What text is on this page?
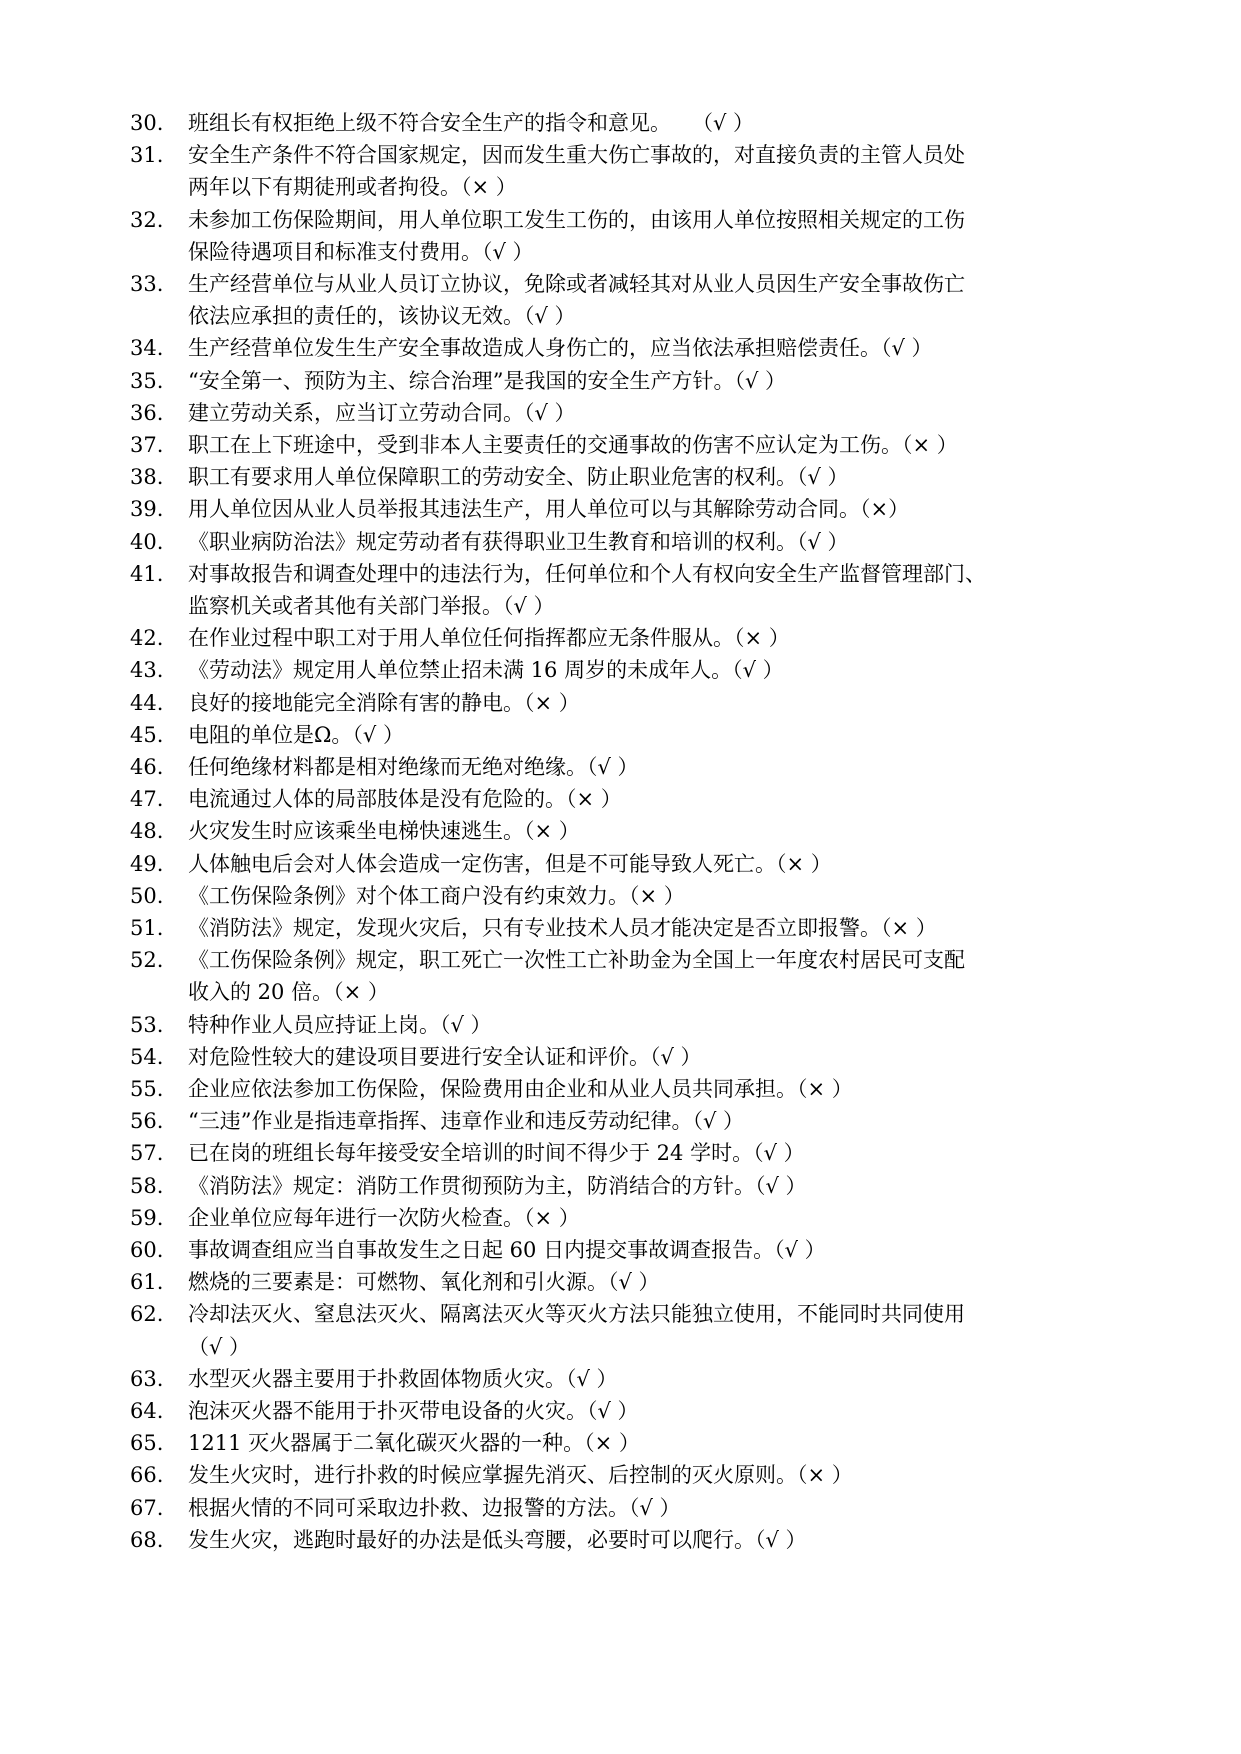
30.	班组长有权拒绝上级不符合安全生产的指令和意见。　　（√ ）
31.	安全生产条件不符合国家规定，因而发生重大伤亡事故的，对直接负责的主管人员处
两年以下有期徒刑或者拘役。（× ）
32.	未参加工伤保险期间，用人单位职工发生工伤的，由该用人单位按照相关规定的工伤
保险待遇项目和标准支付费用。（√ ）
33.	生产经营单位与从业人员订立协议，免除或者减轻其对从业人员因生产安全事故伤亡
依法应承担的责任的，该协议无效。（√ ）
34.	生产经营单位发生生产安全事故造成人身伤亡的，应当依法承担赔偿责任。（√ ）
35.	“安全第一、预防为主、综合治理”是我国的安全生产方针。（√ ）
36.	建立劳动关系，应当订立劳动合同。（√ ）
37.	职工在上下班途中，受到非本人主要责任的交通事故的伤害不应认定为工伤。（× ）
38.	职工有要求用人单位保障职工的劳动安全、防止职业危害的权利。（√ ）
39.	用人单位因从业人员举报其违法生产，用人单位可以与其解除劳动合同。（×）
40.	《职业病防治法》规定劳动者有获得职业卫生教育和培训的权利。（√ ）
41.	对事故报告和调查处理中的违法行为，任何单位和个人有权向安全生产监督管理部门、
监察机关或者其他有关部门举报。（√ ）
42.	在作业过程中职工对于用人单位任何指挥都应无条件服从。（× ）
43.	《劳动法》规定用人单位禁止招未满 16 周岁的未成年人。（√ ）
44.	良好的接地能完全消除有害的静电。（× ）
45.	电阻的单位是Ω。（√ ）
46.	任何绝缘材料都是相对绝缘而无绝对绝缘。（√ ）
47.	电流通过人体的局部肢体是没有危险的。（× ）
48.	火灾发生时应该乘坐电梯快速逃生。（× ）
49.	人体触电后会对人体会造成一定伤害，但是不可能导致人死亡。（× ）
50.	《工伤保险条例》对个体工商户没有约束效力。（× ）
51.	《消防法》规定，发现火灾后，只有专业技术人员才能决定是否立即报警。（× ）
52.	《工伤保险条例》规定，职工死亡一次性工亡补助金为全国上一年度农村居民可支配
收入的 20 倍。（× ）
53.	特种作业人员应持证上岗。（√ ）
54.	对危险性较大的建设项目要进行安全认证和评价。（√ ）
55.	企业应依法参加工伤保险，保险费用由企业和从业人员共同承担。（× ）
56.	“三违”作业是指违章指挥、违章作业和违反劳动纪律。（√ ）
57.	已在岗的班组长每年接受安全培训的时间不得少于 24 学时。（√ ）
58.	《消防法》规定：消防工作贯彻预防为主，防消结合的方针。（√ ）
59.	企业单位应每年进行一次防火检查。（× ）
60.	事故调查组应当自事故发生之日起 60 日内提交事故调查报告。（√ ）
61.	燃烧的三要素是：可燃物、氧化剂和引火源。（√ ）
62.	冷却法灭火、窒息法灭火、隔离法灭火等灭火方法只能独立使用，不能同时共同使用
（√ ）
63.	水型灭火器主要用于扑救固体物质火灾。（√ ）
64.	泡沫灭火器不能用于扑灭带电设备的火灾。（√ ）
65.	1211 灭火器属于二氧化碳灭火器的一种。（× ）
66.	发生火灾时，进行扑救的时候应掌握先消灭、后控制的灭火原则。（× ）
67.	根据火情的不同可采取边扑救、边报警的方法。（√ ）
68.	发生火灾，逃跑时最好的办法是低头弯腰，必要时可以爬行。（√ ）
